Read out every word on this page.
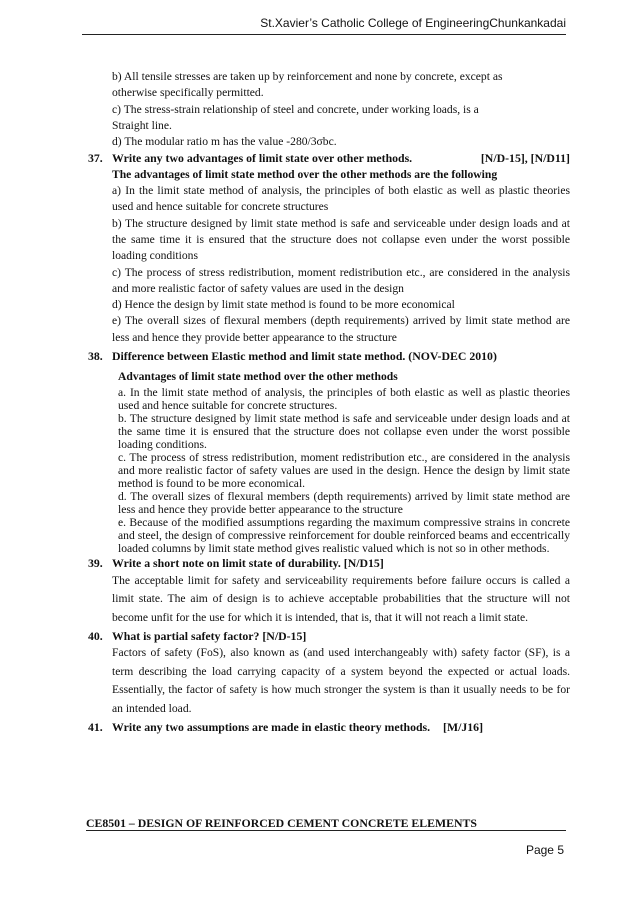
St.Xavier’s Catholic College of EngineeringChunkankadai
b) All tensile stresses are taken up by reinforcement and none by concrete, except as
otherwise specifically permitted.
c) The stress-strain relationship of steel and concrete, under working loads, is a
Straight line.
d) The modular ratio m has the value -280/3σbc.
37. Write any two advantages of limit state over other methods.	[N/D-15], [N/D11]
The advantages of limit state method over the other methods are the following
a) In the limit state method of analysis, the principles of both elastic as well as plastic theories used and hence suitable for concrete structures
b) The structure designed by limit state method is safe and serviceable under design loads and at the same time it is ensured that the structure does not collapse even under the worst possible loading conditions
c) The process of stress redistribution, moment redistribution etc., are considered in the analysis and more realistic factor of safety values are used in the design
d) Hence the design by limit state method is found to be more economical
e) The overall sizes of flexural members (depth requirements) arrived by limit state method are less and hence they provide better appearance to the structure
38. Difference between Elastic method and limit state method. (NOV-DEC 2010)
Advantages of limit state method over the other methods
a. In the limit state method of analysis, the principles of both elastic as well as plastic theories used and hence suitable for concrete structures.
b. The structure designed by limit state method is safe and serviceable under design loads and at the same time it is ensured that the structure does not collapse even under the worst possible loading conditions.
c. The process of stress redistribution, moment redistribution etc., are considered in the analysis and more realistic factor of safety values are used in the design. Hence the design by limit state method is found to be more economical.
d. The overall sizes of flexural members (depth requirements) arrived by limit state method are less and hence they provide better appearance to the structure
e. Because of the modified assumptions regarding the maximum compressive strains in concrete and steel, the design of compressive reinforcement for double reinforced beams and eccentrically loaded columns by limit state method gives realistic valued which is not so in other methods.
39. Write a short note on limit state of durability. [N/D15]
The acceptable limit for safety and serviceability requirements before failure occurs is called a limit state. The aim of design is to achieve acceptable probabilities that the structure will not become unfit for the use for which it is intended, that is, that it will not reach a limit state.
40. What is partial safety factor? [N/D-15]
Factors of safety (FoS), also known as (and used interchangeably with) safety factor (SF), is a term describing the load carrying capacity of a system beyond the expected or actual loads. Essentially, the factor of safety is how much stronger the system is than it usually needs to be for an intended load.
41. Write any two assumptions are made in elastic theory methods. [M/J16]
CE8501 – DESIGN OF REINFORCED CEMENT CONCRETE ELEMENTS
Page 5
